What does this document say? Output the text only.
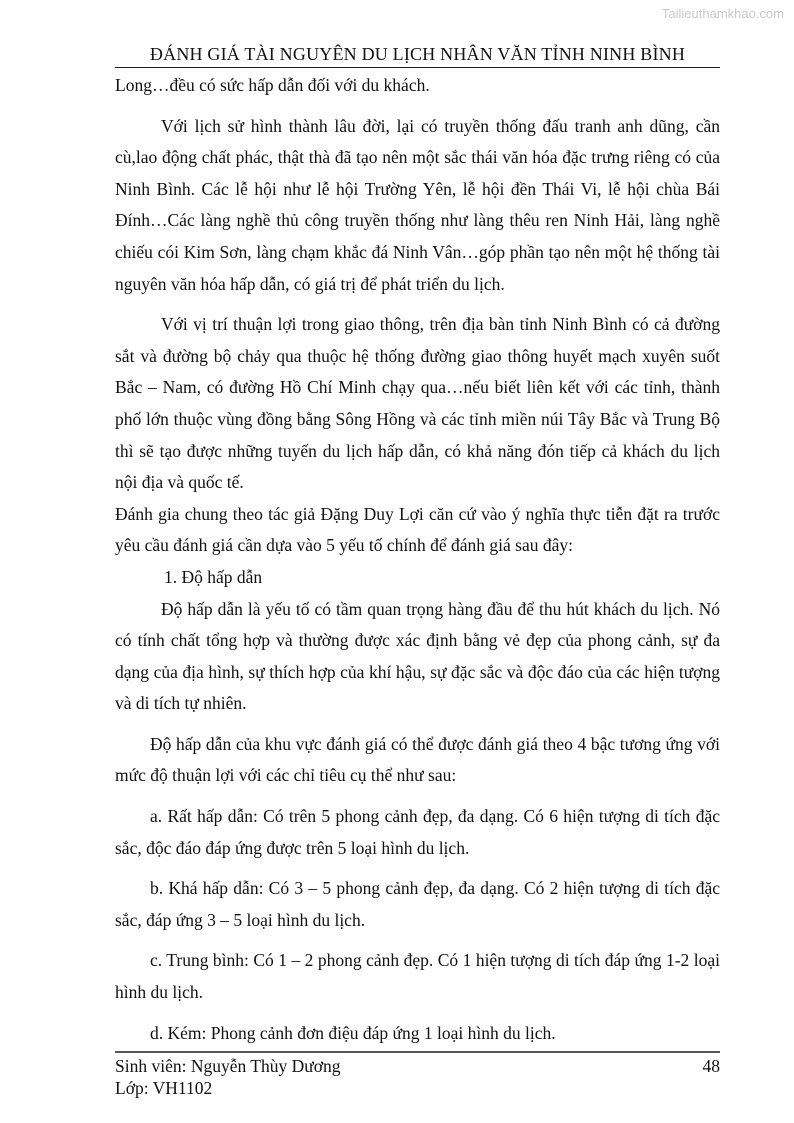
Tailieuthamkhao.com
ĐÁNH GIÁ TÀI NGUYÊN DU LỊCH NHÂN VĂN TỈNH NINH BÌNH

Long…đều có sức hấp dẫn đối với du khách.

Với lịch sử hình thành lâu đời, lại có truyền thống đấu tranh anh dũng, cần cù,lao động chất phác, thật thà đã tạo nên một sắc thái văn hóa đặc trưng riêng có của Ninh Bình. Các lễ hội như lễ hội Trường Yên, lễ hội đền Thái Vi, lễ hội chùa Bái Đính…Các làng nghề thủ công truyền thống như làng thêu ren Ninh Hải, làng nghề chiếu cói Kim Sơn, làng chạm khắc đá Ninh Vân…góp phần tạo nên một hệ thống tài nguyên văn hóa hấp dẫn, có giá trị để phát triển du lịch.

Với vị trí thuận lợi trong giao thông, trên địa bàn tỉnh Ninh Bình có cả đường sắt và đường bộ chảy qua thuộc hệ thống đường giao thông huyết mạch xuyên suốt Bắc – Nam, có đường Hồ Chí Minh chạy qua…nếu biết liên kết với các tỉnh, thành phố lớn thuộc vùng đồng bằng Sông Hồng và các tỉnh miền núi Tây Bắc và Trung Bộ thì sẽ tạo được những tuyến du lịch hấp dẫn, có khả năng đón tiếp cả khách du lịch nội địa và quốc tế.

Đánh gia chung theo tác giả Đặng Duy Lợi căn cứ vào ý nghĩa thực tiễn đặt ra trước yêu cầu đánh giá cần dựa vào 5 yếu tố chính để đánh giá sau đây:

1. Độ hấp dẫn

Độ hấp dẫn là yếu tố có tầm quan trọng hàng đầu để thu hút khách du lịch. Nó có tính chất tổng hợp và thường được xác định bằng vẻ đẹp của phong cảnh, sự đa dạng của địa hình, sự thích hợp của khí hậu, sự đặc sắc và độc đáo của các hiện tượng và di tích tự nhiên.

Độ hấp dẫn của khu vực đánh giá có thể được đánh giá theo 4 bậc tương ứng với mức độ thuận lợi với các chỉ tiêu cụ thể như sau:

a. Rất hấp dẫn: Có trên 5 phong cảnh đẹp, đa dạng. Có 6 hiện tượng di tích đặc sắc, độc đáo đáp ứng được trên 5 loại hình du lịch.

b. Khá hấp dẫn: Có 3 – 5 phong cảnh đẹp, đa dạng. Có 2 hiện tượng di tích đặc sắc, đáp ứng 3 – 5 loại hình du lịch.

c. Trung bình: Có 1 – 2 phong cảnh đẹp. Có 1 hiện tượng di tích đáp ứng 1-2 loại hình du lịch.

d. Kém: Phong cảnh đơn điệu đáp ứng 1 loại hình du lịch.

Sinh viên: Nguyễn Thùy Dương	48
Lớp: VH1102
